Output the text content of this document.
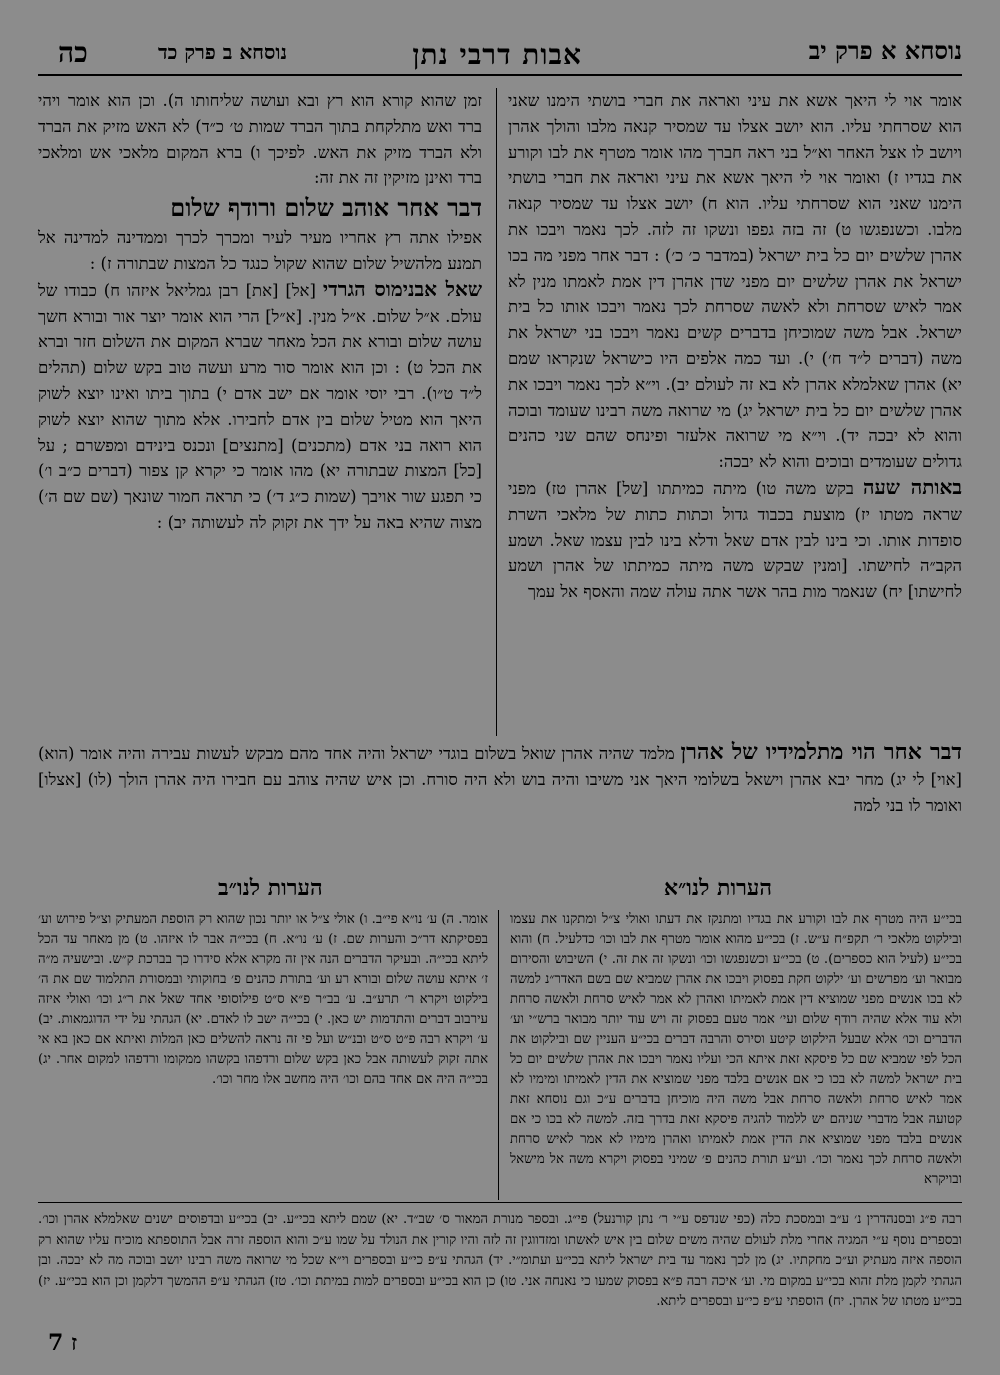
נוסחא א פרק יב
אבות דרבי נתן
נוסחא ב פרק כד
כה

אומר אוי לי היאך אשא את עיני ואראה את חברי בושתי הימנו שאני הוא שסרחתי עליו. הוא יושב אצלו עד שמסיר קנאה מלבו והולך אהרן ויושב לו אצל האחר וא״ל בני ראה חברך מהו אומר מטרף את לבו וקורע את בגדיו ז) ואומר אוי לי היאך אשא את עיני ואראה את חברי בושתי הימנו שאני הוא שסרחתי עליו. הוא ח) יושב אצלו עד שמסיר קנאה מלבו. וכשנפגשו ט) זה בזה גפפו ונשקו זה לזה. לכך נאמר ויבכו את אהרן שלשים יום כל בית ישראל (במדבר כ׳ כ׳) : דבר אחר מפני מה בכו ישראל את אהרן שלשים יום מפני שדן אהרן דין אמת לאמתו מנין לא אמר לאיש שסרחת ולא לאשה שסרחת לכך נאמר ויבכו אותו כל בית ישראל. אבל משה שמוכיחן בדברים קשים נאמר ויבכו בני ישראל את משה (דברים ל״ד ח׳) י). ועד כמה אלפים היו כישראל שנקראו שמם יא) אהרן שאלמלא אהרן לא בא זה לעולם יב). וי״א לכך נאמר ויבכו את אהרן שלשים יום כל בית ישראל יג) מי שרואה משה רבינו שעומד ובוכה והוא לא יבכה יד). וי״א מי שרואה אלעזר ופינחס שהם שני כהנים גדולים שעומדים ובוכים והוא לא יבכה:

באותה שעה בקש משה טו) מיתה כמיתתו [של] אהרן טז) מפני שראה מטתו יז) מוצעת בכבוד גדול וכתות כתות של מלאכי השרת סופדות אותו. וכי בינו לבין אדם שאל ודלא בינו לבין עצמו שאל. ושמע הקב״ה לחישתו. [ומנין שבקש משה מיתה כמיתתו של אהרן ושמע לחישתו] יח) שנאמר מות בהר אשר אתה עולה שמה והאסף אל עמך

זמן שהוא קורא הוא רץ ובא ועושה שליחותו ה). וכן הוא אומר ויהי ברד ואש מתלקחת בתוך הברד שמות ט׳ כ״ד) לא האש מזיק את הברד ולא הברד מזיק את האש. לפיכך ו) ברא המקום מלאכי אש ומלאכי ברד ואינן מזיקין זה את זה:

דבר אחר אוהב שלום ורודף שלום

אפילו אתה רץ אחריו מעיר לעיר ומכרך לכרך וממדינה למדינה אל תמנע מלהשיל שלום שהוא שקול כנגד כל המצות שבתורה ז) :

שאל אבנימוס הגרדי [אל] [את] רבן גמליאל איזהו ח) כבודו של עולם. א״ל שלום. א״ל מנין. [א״ל] הרי הוא אומר יוצר אור ובורא חשך עושה שלום ובורא את הכל מאחר שברא המקום את השלום חזר וברא את הכל ט) : וכן הוא אומר סור מרע ועשה טוב בקש שלום (תהלים ל״ד ט״ו). רבי יוסי אומר אם ישב אדם י) בתוך ביתו ואינו יוצא לשוק היאך הוא מטיל שלום בין אדם לחבירו. אלא מתוך שהוא יוצא לשוק הוא רואה בני אדם (מתכנים) [מתנצים] ונכנס בינידם ומפשרם ; על [כל] המצות שבתורה יא) מהו אומר כי יקרא קן צפור (דברים כ״ב ו׳) כי תפגע שור אויבך (שמות כ״ג ד׳) כי תראה חמור שונאך (שם שם ה׳) מצוה שהיא באה על ידך את זקוק לה לעשותה יב) :

דבר אחר הוי מתלמידיו של אהרן מלמד שהיה אהרן שואל בשלום בוגדי ישראל והיה אחד מהם מבקש לעשות עבירה והיה אומר (הוא) [אוי] לי יג) מחר יבא אהרן וישאל בשלומי היאך אני משיבו והיה בוש ולא היה סורח. וכן איש שהיה צוהב עם חבירו היה אהרן הולך (לו) [אצלו] ואומר לו בני למה
הערות לנו״א
הערות לנו״ב
בכי״ע היה מטרף את לבו וקורע את בגדיו ומתנקז את דעתו ואולי צ״ל ומתקנו את עצמו ובילקוט מלאכי ר׳ תקפ״ח ע״ש. ז) בכי״ע מהוא אומר מטרף את לבו וכו׳ כדלעיל. ח) והוא בכי״ע (לעיל הוא כספרים). ט) בכי״ע וכשנפגשו וכו׳ ונשקו זה את זה. י) השיבוש והסירום מבואר וע׳ מפרשים וע׳ ילקוט חקת בפסוק ויבכו את אהרן שמביא שם בשם האדר״נ למשה לא בכו אנשים מפני שמוציא דין אמת לאמיתו ואהרן לא אמר לאיש סרחת ולאשה סרחת ולא עוד אלא שהיה רודף שלום ועי׳ אמר טעם בפסוק זה ויש עוד יותר מבואר ברש״י וע׳ הדברים וכו׳ אלא שבעל הילקוט קיטע וסירס והרבה דברים בכי״ע העניין שם ובילקוט את הכל לפי שמביא שם כל פיסקא זאת איתא הכי ועליו נאמר ויבכו את אהרן שלשים יום כל בית ישראל למשה לא בכו כי אם אנשים בלבד מפני שמוציא את הדין לאמיתו ומימיו לא אמר לאיש סרחת ולאשה סרחת אבל משה היה מוכיחן בדברים ע״כ וגם נוסחא זאת קטועה אבל מדברי שניהם יש ללמוד להגיה פיסקא זאת בדרך בזה. למשה לא בכו כי אם אנשים בלבד מפני שמוציא את הדין אמת לאמיתו ואהרן מימיו לא אמר לאיש סרחת ולאשה סרחת לכך נאמר וכו׳. וע״ע תורת כהנים פ׳ שמיני בפסוק ויקרא משה אל מישאל ובויקרא
אומר. ה) ע׳ נו״א פי״ב. ו) אולי צ״ל או יותר נכון שהוא רק הוספת המעתיק וצ״ל פירוש וע׳ בפסיקתא דר״כ והערות שם. ז) ע׳ נו״א. ח) בכי״ה אבר לו איזהו. ט) מן מאחר עד הכל ליתא בכי״ה. ובעיקר הדברים הנה אין זה מקרא אלא סידרו כך בברכת ק״ש. ובישעיה מ״ה ז׳ איתא עושה שלום ובורא רע וע׳ בתורת כהנים פ׳ בחוקותי ובמסורת התלמוד שם את ה׳ בילקוט ויקרא ר׳ תרע״ב. ע׳ בב״ר פ״א ס״ט פילוסופי אחד שאל את ר״ג וכו׳ ואולי איזה עירבוב דברים והתדמות יש כאן. י) בכי״ה ישב לו לאדם. יא) הגהתי על ידי הדוגמאות. יב) ע׳ ויקרא רבה פ״ט ס״ט ובנ״ש ועל פי זה נראה להשלים כאן המלות ואיתא אם כאן בא אי אתה זקוק לעשותה אבל כאן בקש שלום ורדפהו בקשהו ממקומו ורדפהו למקום אחר. יג) בכי״ה היה אם אחד בהם וכו׳ היה מחשב אלו מחר וכו׳.
רבה פ״ג ובסנהדרין נ׳ ע״ב ובמסכת כלה (כפי שנדפס ע״י ר׳ נתן קורנעל) פי״ג. ובספר מנורת המאור ס׳ שב״ד. יא) שמם ליתא בכי״ע. יב) בכי״ע ובדפוסים ישנים שאלמלא אהרן וכו׳. ובספרים נוסף ע״י המגיה אחרי מלת לעולם שהיה משים שלום בין איש לאשתו ומזדווגין זה לזה והיו קורין את הנולד על שמו ע״כ והוא הוספה זרה אבל התוספתא מוכיח עליו שהוא רק הוספה איזה מעתיק וע״כ מחקתיו. יג) מן לכך נאמר עד בית ישראל ליתא בכי״ע ועתומ״י. יד) הגהתי ע״פ כי״ע ובספרים וי״א שכל מי שרואה משה רבינו יושב ובוכה מה לא יבכה. ובן הגהתי לקמן מלת זהוא בכי״ע במקום מי. וע׳ איכה רבה פ״א בפסוק שמעו כי נאנחה אני. טו) כן הוא בכי״ע ובספרים למות במיתת וכו׳. טז) הגהתי ע״פ ההמשך דלקמן וכן הוא בכי״ע. יז) בכי״ע מטתו של אהרן. יח) הוספתי ע״פ כי״ע ובספרים ליתא.
7 ז
